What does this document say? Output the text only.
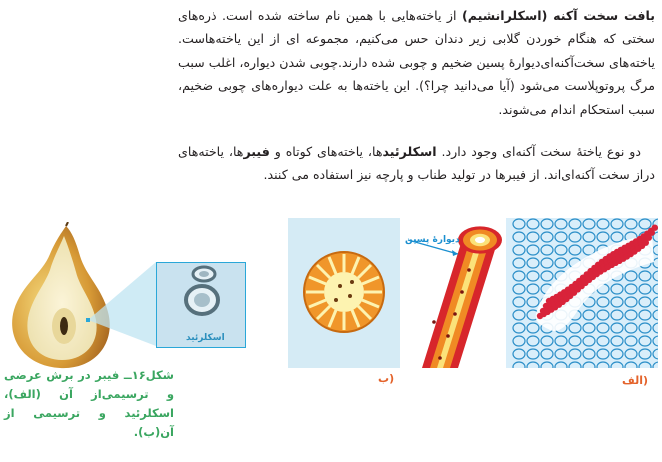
بافت سخت آکنه (اسکلرانشیم) از یاخته‌هایی با همین نام ساخته شده است. ذره‌های سختی که هنگام خوردن گلابی زیر دندان حس می‌کنیم، مجموعه ای از این یاخته‌هاست. یاخته‌های سخت‌آکنه‌ای‌دیوارۀ پسین ضخیم و چوبی شده دارند.چوبی شدن دیواره، اغلب سبب مرگ پروتوپلاست می‌شود (آیا می‌دانید چرا؟). این یاخته‌ها به علت دیواره‌های چوبی ضخیم، سبب استحکام اندام می‌شوند.

دو نوع یاختۀ سخت آکنه‌ای وجود دارد. اسکلرئیدها، یاخته‌های کوتاه و فیبرها، یاخته‌های دراز سخت آکنه‌ای‌اند. از فیبرها در تولید طناب و پارچه نیز استفاده می کنند.

اسکلرئید
دیوارۀ پسین
ب)	الف)
شکل۱۶ــ فیبر در برش عرضی و ترسیمی‌از آن (الف)، اسکلرئید و ترسیمی از آن(ب).
